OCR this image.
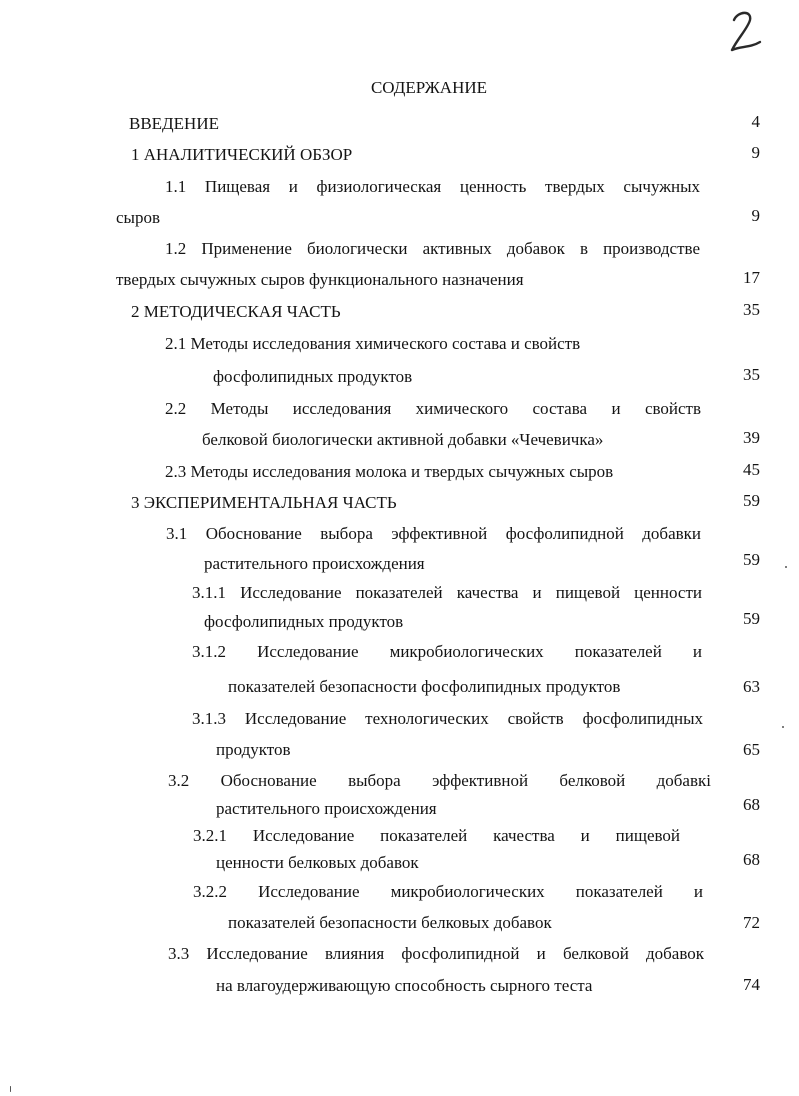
СОДЕРЖАНИЕ
ВВЕДЕНИЕ	4
1 АНАЛИТИЧЕСКИЙ ОБЗОР	9
1.1 Пищевая и физиологическая ценность твердых сычужных
сыров	9
1.2 Применение биологически активных добавок в производстве
твердых сычужных сыров функционального назначения	17
2 МЕТОДИЧЕСКАЯ ЧАСТЬ	35
2.1 Методы исследования химического состава и свойств
фосфолипидных продуктов	35
2.2 Методы исследования химического состава и свойств
белковой биологически активной добавки «Чечевичка»	39
2.3 Методы исследования молока и твердых сычужных сыров	45
3 ЭКСПЕРИМЕНТАЛЬНАЯ ЧАСТЬ	59
3.1 Обоснование выбора эффективной фосфолипидной добавки
растительного происхождения	59
3.1.1 Исследование показателей качества и пищевой ценности
фосфолипидных продуктов	59
3.1.2 Исследование микробиологических показателей и
показателей безопасности фосфолипидных продуктов	63
3.1.3 Исследование технологических свойств фосфолипидных
продуктов	65
3.2 Обоснование выбора эффективной белковой добавкі
растительного происхождения	68
3.2.1 Исследование показателей качества и пищевой
ценности белковых добавок	68
3.2.2 Исследование микробиологических показателей и
показателей безопасности белковых добавок	72
3.3 Исследование влияния фосфолипидной и белковой добавок
на влагоудерживающую способность сырного теста	74
